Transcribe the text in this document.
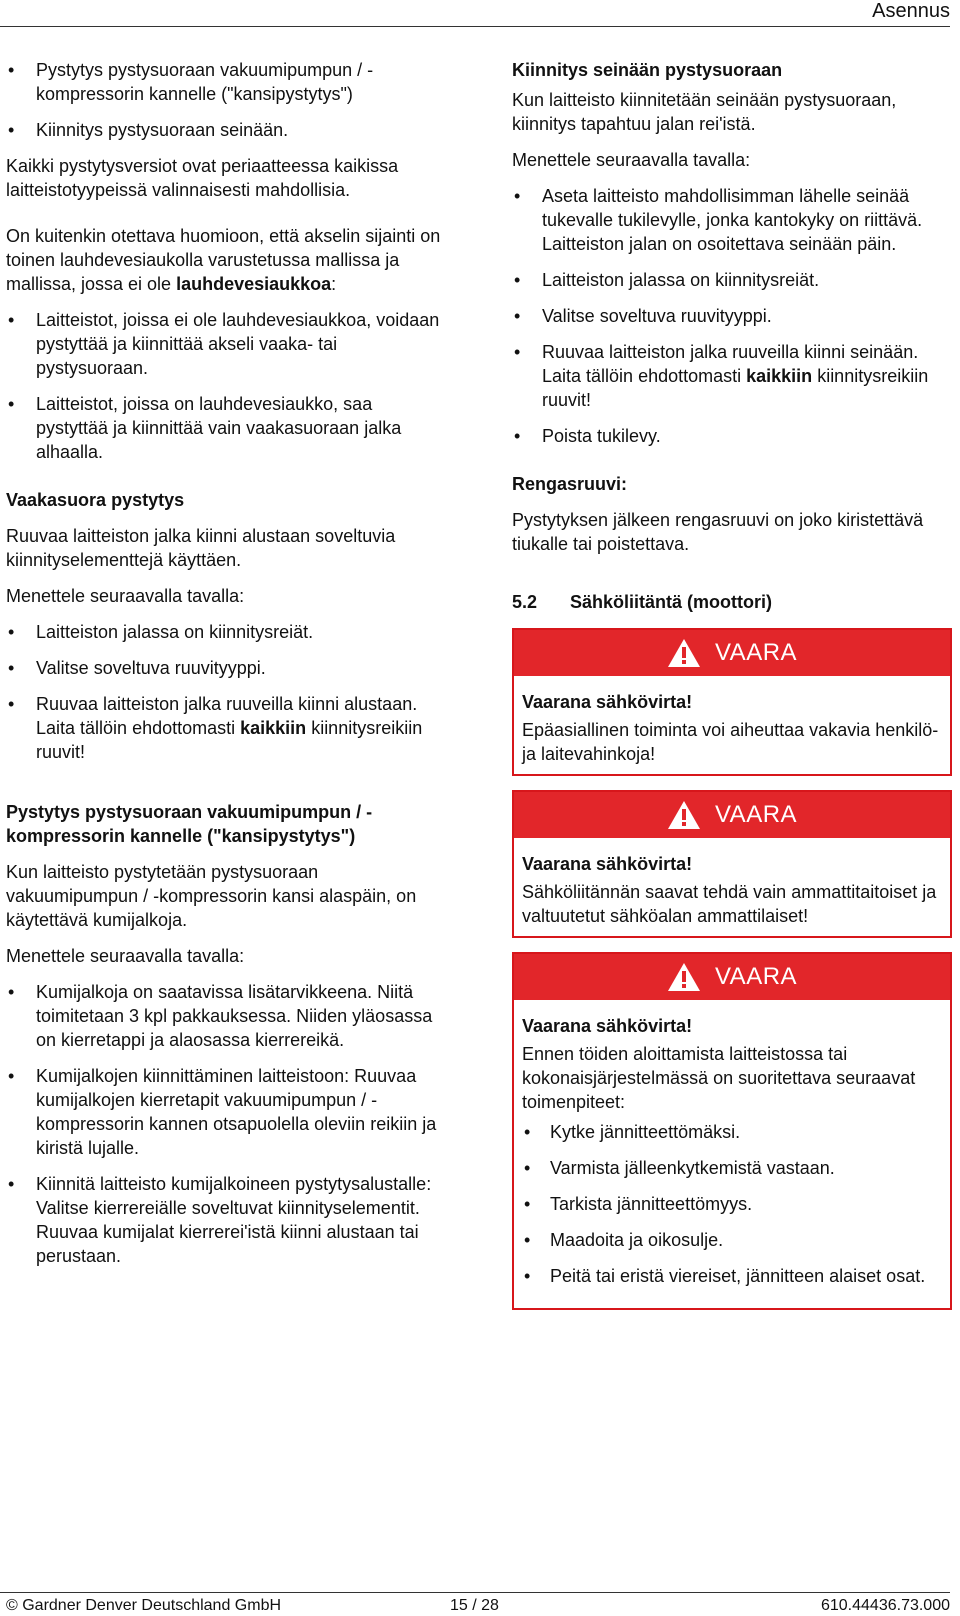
Asennus
• Pystytys pystysuoraan vakuumipumpun / -kompressorin kannelle ("kansipystytys")
• Kiinnitys pystysuoraan seinään.

Kaikki pystytysversiot ovat periaatteessa kaikissa laitteistotyypeissä valinnaisesti mahdollisia.

On kuitenkin otettava huomioon, että akselin sijainti on toinen lauhdevesiaukolla varustetussa mallissa ja mallissa, jossa ei ole lauhdevesiaukkoa:

• Laitteistot, joissa ei ole lauhdevesiaukkoa, voidaan pystyttää ja kiinnittää akseli vaaka- tai pystysuoraan.
• Laitteistot, joissa on lauhdevesiaukko, saa pystyttää ja kiinnittää vain vaakasuoraan jalka alhaalla.
Vaakasuora pystytys

Ruuvaa laitteiston jalka kiinni alustaan soveltuvia kiinnityselementtejä käyttäen.

Menettele seuraavalla tavalla:

• Laitteiston jalassa on kiinnitysreiät.
• Valitse soveltuva ruuvityyppi.
• Ruuvaa laitteiston jalka ruuveilla kiinni alustaan. Laita tällöin ehdottomasti kaikkiin kiinnitysreikiin ruuvit!
Pystytys pystysuoraan vakuumipumpun / -kompressorin kannelle ("kansipystytys")

Kun laitteisto pystytetään pystysuoraan vakuumipumpun / -kompressorin kansi alaspäin, on käytettävä kumijalkoja.

Menettele seuraavalla tavalla:

• Kumijalkoja on saatavissa lisätarvikkeena. Niitä toimitetaan 3 kpl pakkauksessa. Niiden yläosassa on kierretappi ja alaosassa kierrereikä.
• Kumijalkojen kiinnittäminen laitteistoon: Ruuvaa kumijalkojen kierretapit vakuumipumpun / -kompressorin kannen otsapuolella oleviin reikiin ja kiristä lujalle.
• Kiinnitä laitteisto kumijalkoineen pystytysalustalle: Valitse kierrereiälle soveltuvat kiinnityselementit. Ruuvaa kumijalat kierrerei'istä kiinni alustaan tai perustaan.
Kiinnitys seinään pystysuoraan

Kun laitteisto kiinnitetään seinään pystysuoraan, kiinnitys tapahtuu jalan rei'istä.

Menettele seuraavalla tavalla:

• Aseta laitteisto mahdollisimman lähelle seinää tukevalle tukilevylle, jonka kantokyky on riittävä. Laitteiston jalan on osoitettava seinään päin.
• Laitteiston jalassa on kiinnitysreiät.
• Valitse soveltuva ruuvityyppi.
• Ruuvaa laitteiston jalka ruuveilla kiinni seinään. Laita tällöin ehdottomasti kaikkiin kiinnitysreikiin ruuvit!
• Poista tukilevy.
Rengasruuvi:

Pystytyksen jälkeen rengasruuvi on joko kiristettävä tiukalle tai poistettava.

5.2 Sähköliitäntä (moottori)
VAARA
Vaarana sähkövirta!
Epäasiallinen toiminta voi aiheuttaa vakavia henkilö- ja laitevahinkoja!
VAARA
Vaarana sähkövirta!
Sähköliitännän saavat tehdä vain ammattitaitoiset ja valtuutetut sähköalan ammattilaiset!
VAARA
Vaarana sähkövirta!
Ennen töiden aloittamista laitteistossa tai kokonaisjärjestelmässä on suoritettava seuraavat toimenpiteet:
• Kytke jännitteettömäksi.
• Varmista jälleenkytkemistä vastaan.
• Tarkista jännitteettömyys.
• Maadoita ja oikosulje.
• Peitä tai eristä viereiset, jännitteen alaiset osat.
© Gardner Denver Deutschland GmbH	15 / 28	610.44436.73.000
